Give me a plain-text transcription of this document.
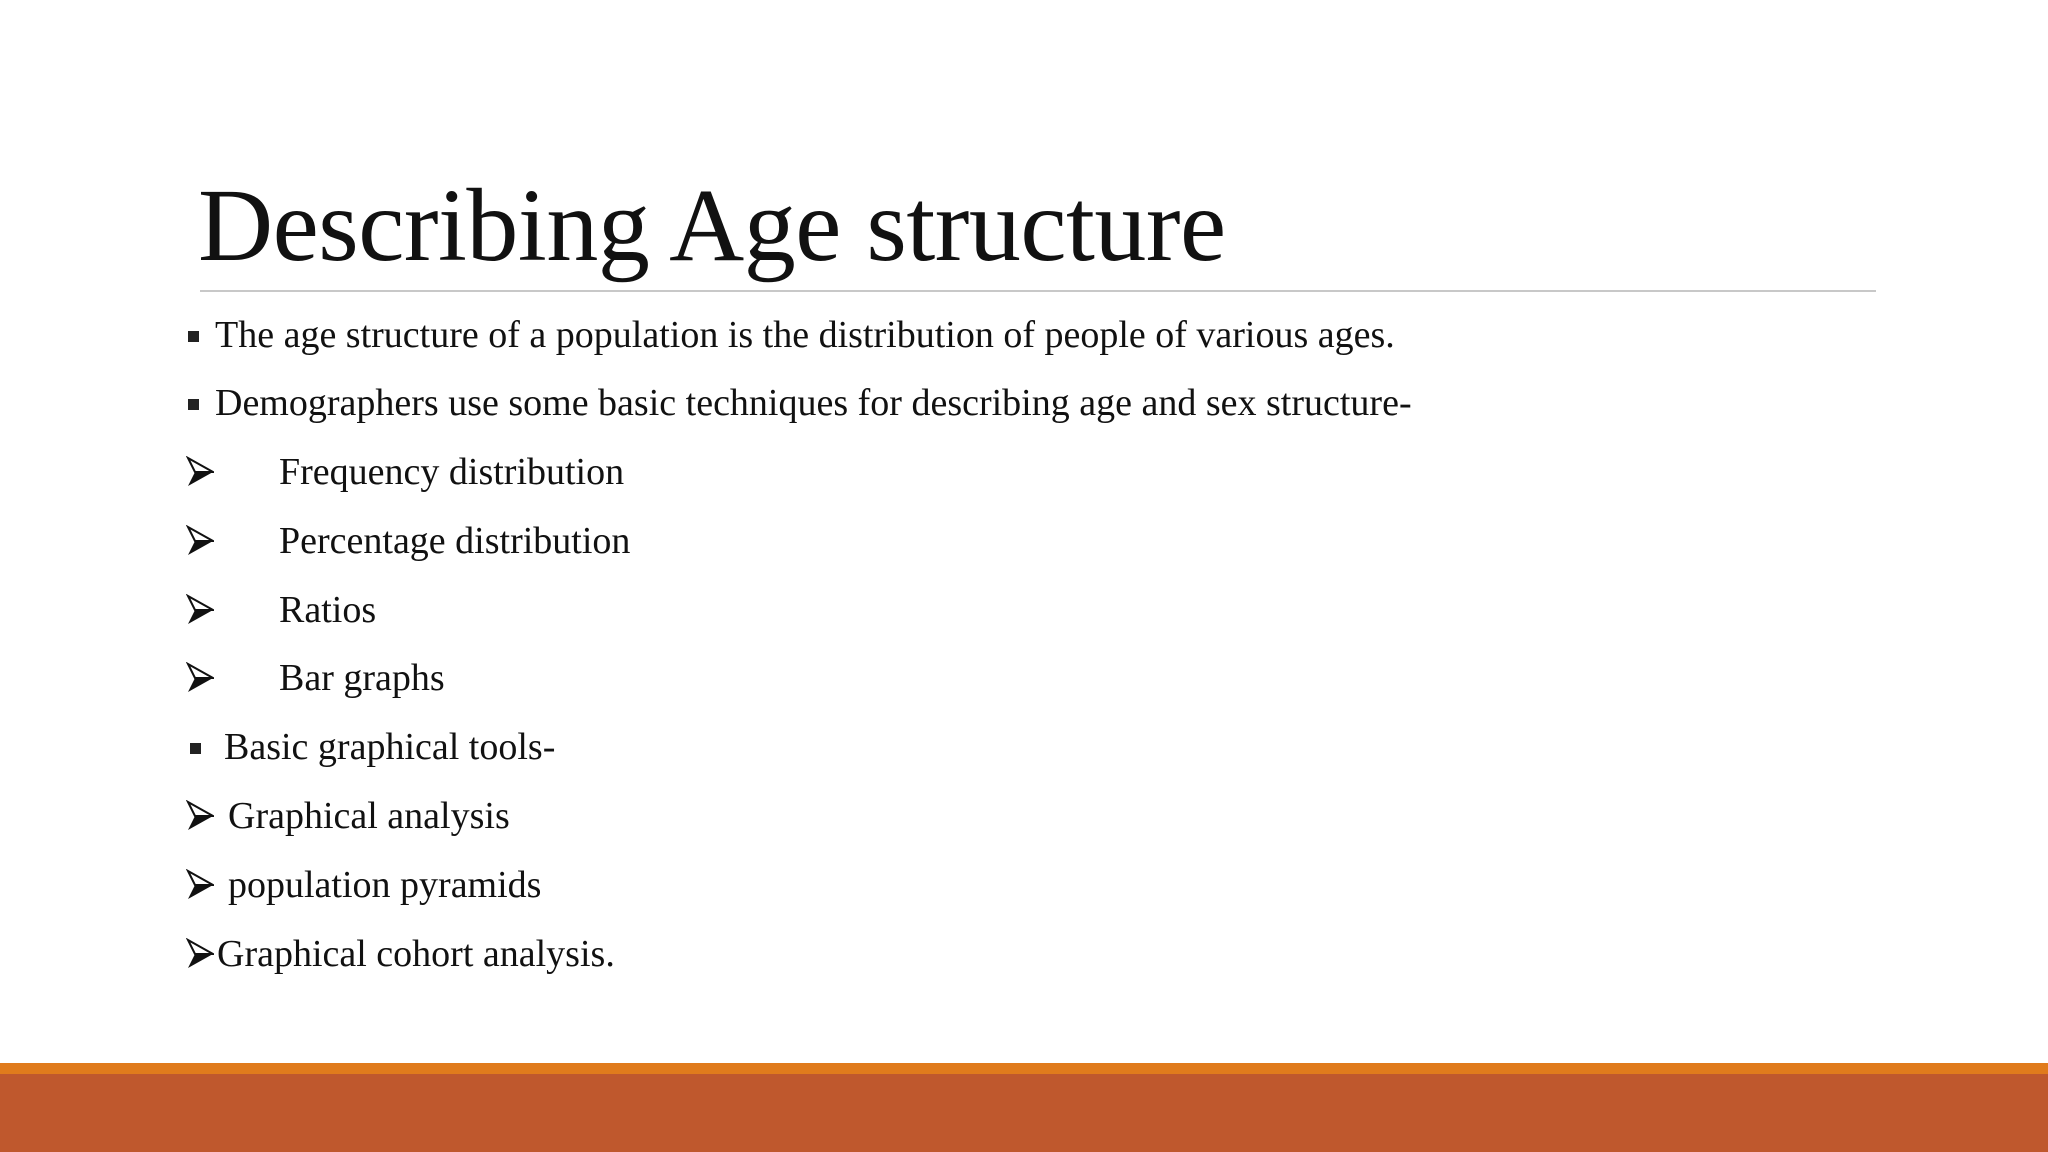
Describing Age structure
The age structure of a population is the distribution of people of various ages.
Demographers use some basic techniques for describing age and sex structure-
Frequency distribution
Percentage distribution
Ratios
Bar graphs
Basic graphical tools-
Graphical analysis
population pyramids
Graphical cohort analysis.
